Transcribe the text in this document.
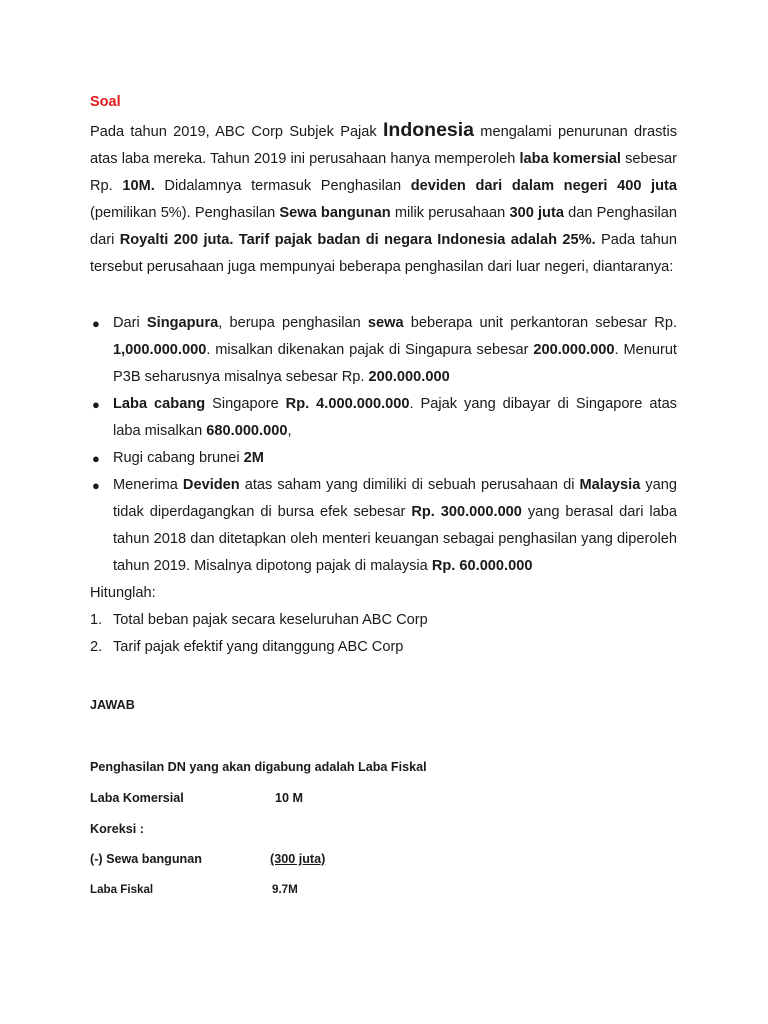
Soal
Pada tahun 2019, ABC Corp Subjek Pajak Indonesia mengalami penurunan drastis atas laba mereka. Tahun 2019 ini perusahaan hanya memperoleh laba komersial sebesar Rp. 10M. Didalamnya termasuk Penghasilan deviden dari dalam negeri 400 juta (pemilikan 5%). Penghasilan Sewa bangunan milik perusahaan 300 juta dan Penghasilan dari Royalti 200 juta. Tarif pajak badan di negara Indonesia adalah 25%. Pada tahun tersebut perusahaan juga mempunyai beberapa penghasilan dari luar negeri, diantaranya:
● Dari Singapura, berupa penghasilan sewa beberapa unit perkantoran sebesar Rp. 1,000.000.000. misalkan dikenakan pajak di Singapura sebesar 200.000.000. Menurut P3B seharusnya misalnya sebesar Rp. 200.000.000
● Laba cabang Singapore Rp. 4.000.000.000. Pajak yang dibayar di Singapore atas laba misalkan 680.000.000,
● Rugi cabang brunei 2M
● Menerima Deviden atas saham yang dimiliki di sebuah perusahaan di Malaysia yang tidak diperdagangkan di bursa efek sebesar Rp. 300.000.000 yang berasal dari laba tahun 2018 dan ditetapkan oleh menteri keuangan sebagai penghasilan yang diperoleh tahun 2019. Misalnya dipotong pajak di malaysia Rp. 60.000.000
Hitunglah:
1. Total beban pajak secara keseluruhan ABC Corp
2. Tarif pajak efektif yang ditanggung ABC Corp
JAWAB
Penghasilan DN yang akan digabung adalah Laba Fiskal
Laba Komersial	10 M
Koreksi :
(-) Sewa bangunan	(300 juta)
Laba Fiskal	9.7M
